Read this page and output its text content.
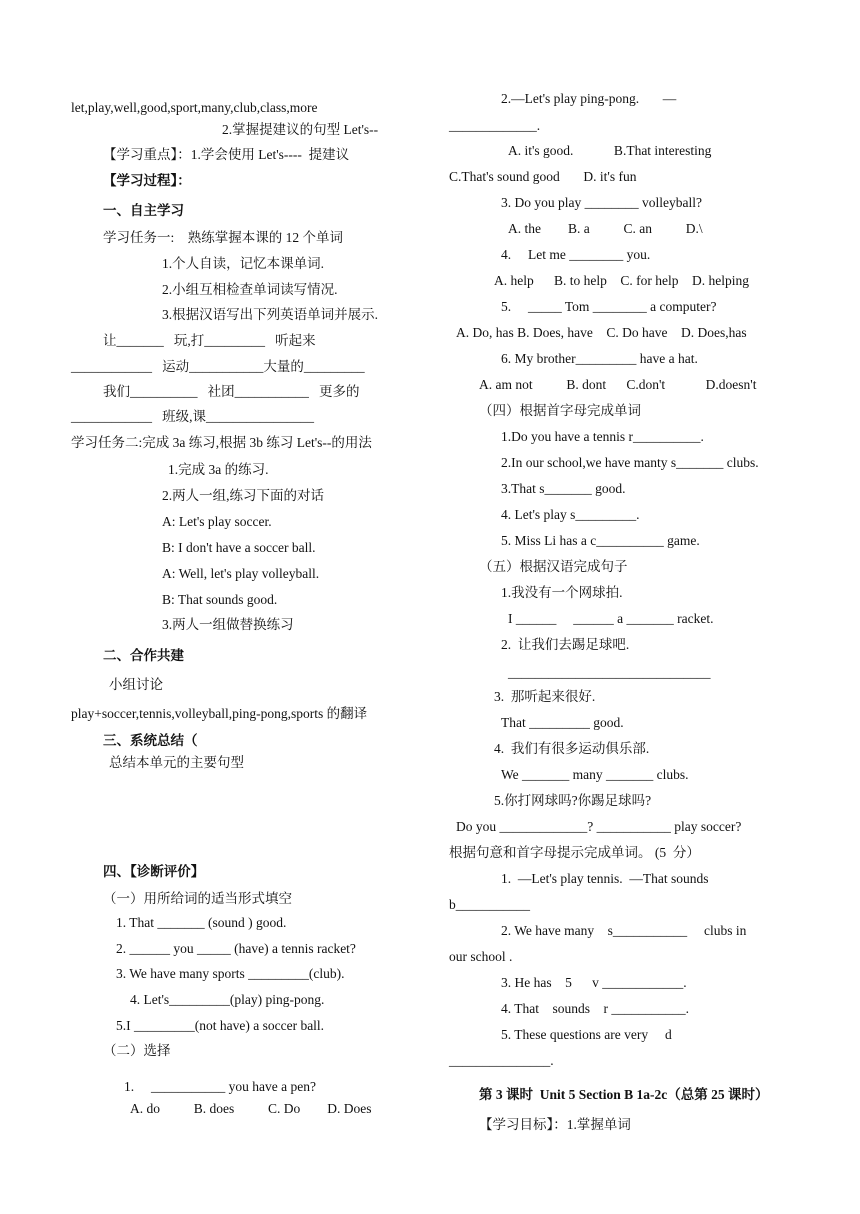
let,play,well,good,sport,many,club,class,more
2.掌握提建议的句型 Let's--
【学习重点】：1.学会使用 Let's----  提建议
【学习过程】：
一、自主学习
学习任务一:    熟练掌握本课的 12 个单词
1.个人自读，记忆本课单词.
2.小组互相检查单词读写情况.
3.根据汉语写出下列英语单词并展示.
让_______   玩,打_________   听起来
____________   运动___________大量的_________
我们__________   社团___________   更多的
____________   班级,课________________
学习任务二:完成 3a 练习,根据 3b 练习 Let's--的用法
1.完成 3a 的练习.
2.两人一组,练习下面的对话
A: Let's play soccer.
B: I don't have a soccer ball.
A: Well, let's play volleyball.
B: That sounds good.
3.两人一组做替换练习
二、合作共建
小组讨论
play+soccer,tennis,volleyball,ping-pong,sports 的翻译
三、系统总结（
总结本单元的主要句型
四、【诊断评价】
（一）用所给词的适当形式填空
1. That _______ (sound ) good.
2. ______ you _____ (have) a tennis racket?
3. We have many sports _________(club).
4. Let's_________(play) ping-pong.
5.I _________(not have) a soccer ball.
（二）选择
1.     ___________ you have a pen?
A. do          B. does          C. Do        D. Does
2.—Let's play ping-pong.       —
_____________.
A. it's good.            B.That interesting
C.That's sound good       D. it's fun
3. Do you play ________ volleyball?
A. the        B. a          C. an          D.\
4.     Let me ________ you.
A. help      B. to help    C. for help    D. helping
5.     _____ Tom ________ a computer?
A. Do, has B. Does, have    C. Do have    D. Does,has
6. My brother_________ have a hat.
A. am not          B. dont      C.don't            D.doesn't
（四）根据首字母完成单词
1.Do you have a tennis r__________.
2.In our school,we have manty s_______ clubs.
3.That s_______ good.
4. Let's play s_________.
5. Miss Li has a c__________ game.
（五）根据汉语完成句子
1.我没有一个网球拍.
I ______     ______ a _______ racket.
2.  让我们去踢足球吧.
______________________________
3.  那听起来很好.
That _________ good.
4.  我们有很多运动俱乐部.
We _______ many _______ clubs.
5.你打网球吗?你踢足球吗?
Do you _____________? ___________ play soccer?
根据句意和首字母提示完成单词。 (5  分）
1.  —Let's play tennis.  —That sounds
b___________
2. We have many    s___________     clubs in
our school .
3. He has    5      v ____________.
4. That    sounds    r ___________.
5. These questions are very     d
_______________.
第 3 课时  Unit 5 Section B 1a-2c（总第 25 课时）
【学习目标】：1.掌握单词
